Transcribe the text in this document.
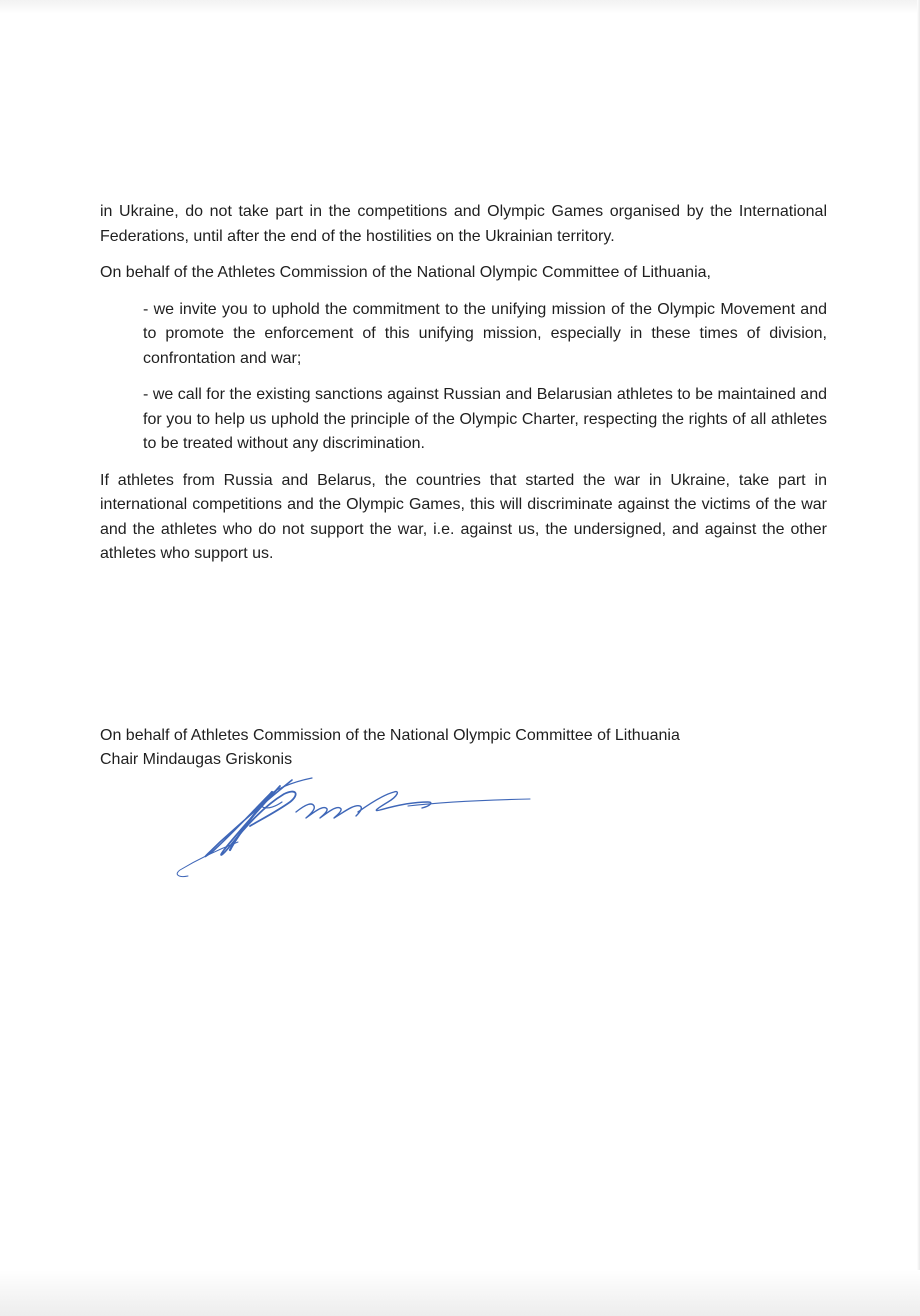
in Ukraine, do not take part in the competitions and Olympic Games organised by the International Federations, until after the end of the hostilities on the Ukrainian territory.

On behalf of the Athletes Commission of the National Olympic Committee of Lithuania,

- we invite you to uphold the commitment to the unifying mission of the Olympic Movement and to promote the enforcement of this unifying mission, especially in these times of division, confrontation and war;

- we call for the existing sanctions against Russian and Belarusian athletes to be maintained and for you to help us uphold the principle of the Olympic Charter, respecting the rights of all athletes to be treated without any discrimination.

If athletes from Russia and Belarus, the countries that started the war in Ukraine, take part in international competitions and the Olympic Games, this will discriminate against the victims of the war and the athletes who do not support the war, i.e. against us, the undersigned, and against the other athletes who support us.

On behalf of Athletes Commission of the National Olympic Committee of Lithuania
Chair Mindaugas Griskonis
